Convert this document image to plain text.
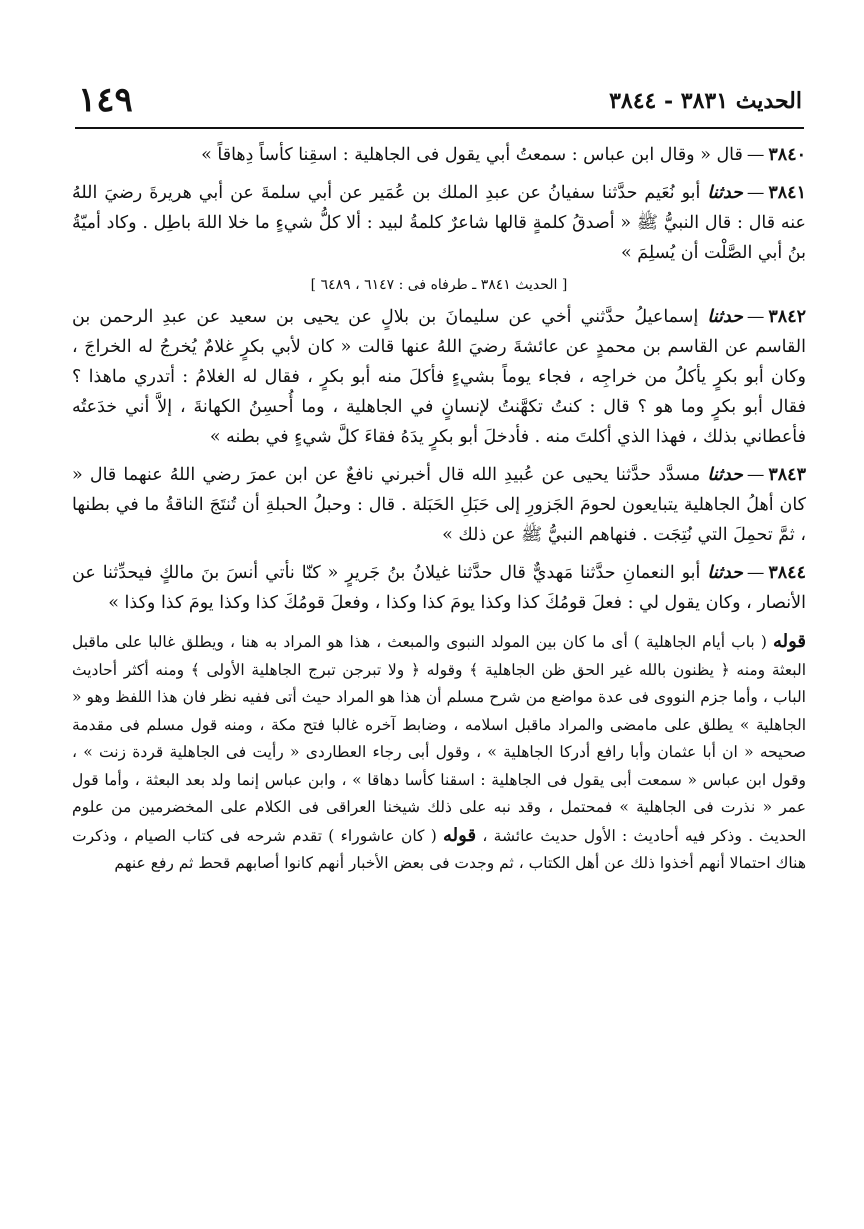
الحديث ٣٨٣١ - ٣٨٤٤
١٤٩

٣٨٤٠—قال « وقال ابن عباس : سمعتُ أبي يقول فى الجاهلية : اسقِنا كأساً دِهاقاً »

٣٨٤١—حدثنا أبو نُعَيم حدَّثنا سفيانُ عن عبدِ الملك بن عُمَير عن أبي سلمةَ عن أبي هريرةَ رضيَ اللهُ عنه قال : قال النبيُّ ﷺ « أصدقُ كلمةٍ قالها شاعرٌ كلمةُ لبيد : ألا كلُّ شيءٍ ما خلا اللهَ باطِل . وكاد أميّةُ بنُ أبي الصَّلْت أن يُسلِمَ »

[ الحديث ٣٨٤١ ـ طرفاه فى : ٦١٤٧ ، ٦٤٨٩ ]

٣٨٤٢—حدثنا إسماعيلُ حدَّثني أخي عن سليمانَ بن بلالٍ عن يحيى بن سعيد عن عبدِ الرحمن بن القاسم عن القاسم بن محمدٍ عن عائشةَ رضيَ اللهُ عنها قالت « كان لأبي بكرٍ غلامٌ يُخرجُ له الخراجَ ، وكان أبو بكرٍ يأكلُ من خراجِه ، فجاء يوماً بشيءٍ فأكلَ منه أبو بكرٍ ، فقال له الغلامُ : أتدري ماهذا ؟ فقال أبو بكرٍ وما هو ؟ قال : كنتُ تكهَّنتُ لإنسانٍ في الجاهلية ، وما أُحسِنُ الكهانةَ ، إلاَّ أني خدَعتُه فأعطاني بذلك ، فهذا الذي أكلتَ منه . فأدخلَ أبو بكرٍ يدَهُ فقاءَ كلَّ شيءٍ في بطنه »

٣٨٤٣—حدثنا مسدَّد حدَّثنا يحيى عن عُبيدِ الله قال أخبرني نافعٌ عن ابن عمرَ رضي اللهُ عنهما قال « كان أهلُ الجاهلية يتبايعون لحومَ الجَزورِ إلى حَبَلِ الحَبَلة . قال : وحبلُ الحبلةِ أن تُنتَجَ الناقةُ ما في بطنها ، ثمَّ تحمِلَ التي نُتِجَت . فنهاهم النبيُّ ﷺ عن ذلك »

٣٨٤٤—حدثنا أبو النعمانِ حدَّثنا مَهديٌّ قال حدَّثنا غيلانُ بنُ جَريرٍ « كنّا نأتي أنسَ بنَ مالكٍ فيحدِّثنا عن الأنصار ، وكان يقول لي : فعلَ قومُكَ كذا وكذا يومَ كذا وكذا ، وفعلَ قومُكَ كذا وكذا يومَ كذا وكذا »

قوله ( باب أيام الجاهلية ) أى ما كان بين المولد النبوى والمبعث ، هذا هو المراد به هنا ، ويطلق غالبا على ماقبل البعثة ومنه ﴿ يظنون بالله غير الحق ظن الجاهلية ﴾ وقوله ﴿ ولا تبرجن تبرج الجاهلية الأولى ﴾ ومنه أكثر أحاديث الباب ، وأما جزم النووى فى عدة مواضع من شرح مسلم أن هذا هو المراد حيث أتى ففيه نظر فان هذا اللفظ وهو « الجاهلية » يطلق على مامضى والمراد ماقبل اسلامه ، وضابط آخره غالبا فتح مكة ، ومنه قول مسلم فى مقدمة صحيحه « ان أبا عثمان وأبا رافع أدركا الجاهلية » ، وقول أبى رجاء العطاردى « رأيت فى الجاهلية قردة زنت » ، وقول ابن عباس « سمعت أبى يقول فى الجاهلية : اسقنا كأسا دهاقا » ، وابن عباس إنما ولد بعد البعثة ، وأما قول عمر « نذرت فى الجاهلية » فمحتمل ، وقد نبه على ذلك شيخنا العراقى فى الكلام على المخضرمين من علوم الحديث . وذكر فيه أحاديث : الأول حديث عائشة ، قوله ( كان عاشوراء ) تقدم شرحه فى كتاب الصيام ، وذكرت هناك احتمالا أنهم أخذوا ذلك عن أهل الكتاب ، ثم وجدت فى بعض الأخبار أنهم كانوا أصابهم قحط ثم رفع عنهم
